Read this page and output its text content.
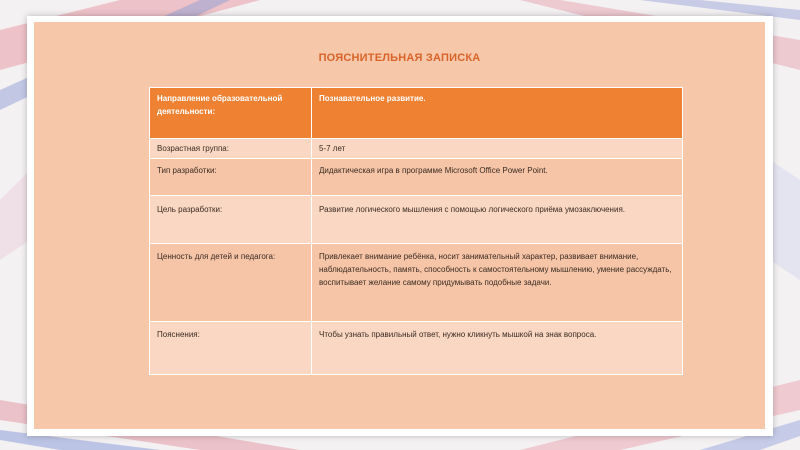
ПОЯСНИТЕЛЬНАЯ ЗАПИСКА
Направление образовательной деятельности:	Познавательное развитие.
Возрастная группа:	5-7 лет
Тип разработки:	Дидактическая игра в программе Microsoft Office Power Point.
Цель разработки:	Развитие логического мышления с помощью логического приёма умозаключения.
Ценность для детей и педагога:	Привлекает внимание ребёнка, носит занимательный характер, развивает внимание, наблюдательность, память, способность к самостоятельному мышлению, умение рассуждать, воспитывает желание самому придумывать подобные задачи.
Пояснения:	Чтобы узнать правильный ответ, нужно кликнуть мышкой на знак вопроса.
